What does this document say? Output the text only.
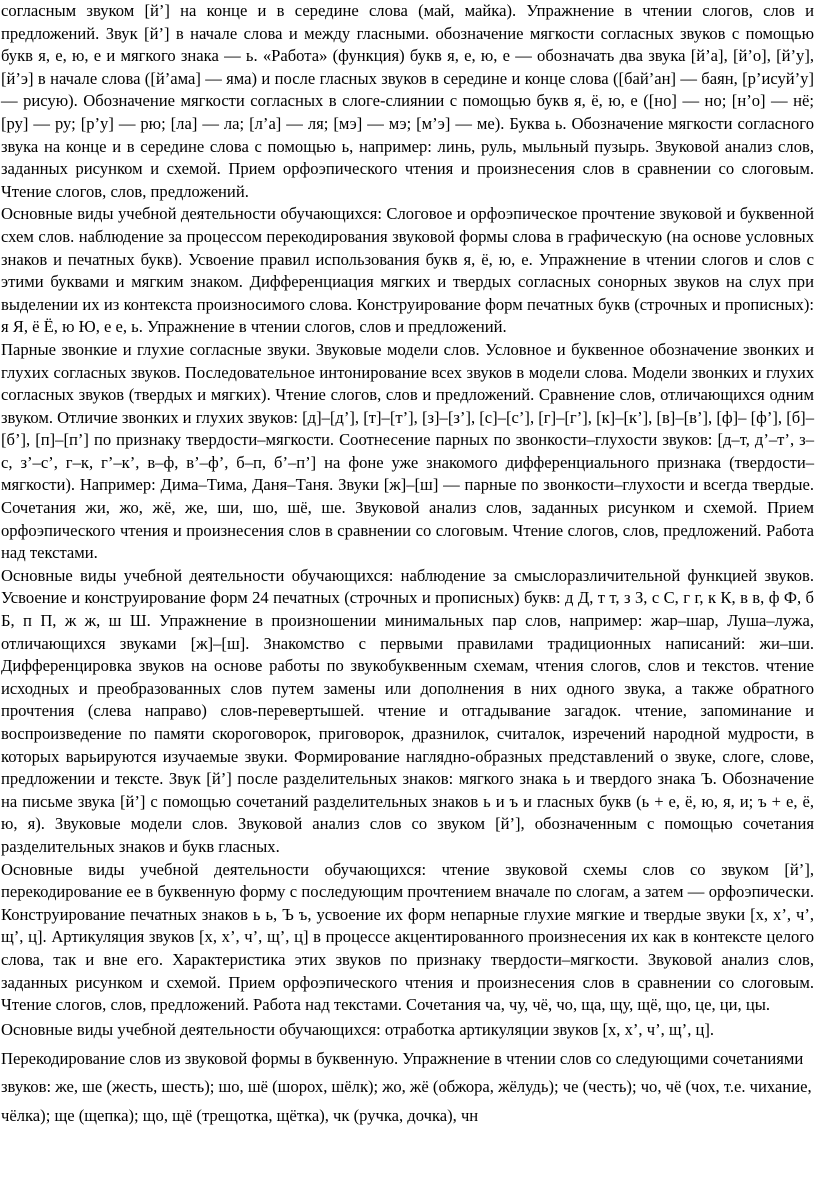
согласным звуком [й’] на конце и в середине слова (май, майка). Упражнение в чтении слогов, слов и предложений. Звук [й’] в начале слова и между гласными. обозначение мягкости согласных звуков с помощью букв я, е, ю, е и мягкого знака — ь. «Работа» (функция) букв я, е, ю, е — обозначать два звука [й’а], [й’о], [й’у], [й’э] в начале слова ([й’ама] — яма) и после гласных звуков в середине и конце слова ([бай’ан] — баян, [р’исуй’у] — рисую). Обозначение мягкости согласных в слоге-слиянии с помощью букв я, ё, ю, е ([но] — но; [н’о] — нё; [ру] — ру; [р’у] — рю; [ла] — ла; [л’а] — ля; [мэ] — мэ; [м’э] — ме). Буква ь. Обозначение мягкости согласного звука на конце и в середине слова с помощью ь, например: линь, руль, мыльный пузырь. Звуковой анализ слов, заданных рисунком и схемой. Прием орфоэпического чтения и произнесения слов в сравнении со слоговым. Чтение слогов, слов, предложений.

Основные виды учебной деятельности обучающихся: Слоговое и орфоэпическое прочтение звуковой и буквенной схем слов. наблюдение за процессом перекодирования звуковой формы слова в графическую (на основе условных знаков и печатных букв). Усвоение правил использования букв я, ё, ю, е. Упражнение в чтении слогов и слов с этими буквами и мягким знаком. Дифференциация мягких и твердых согласных сонорных звуков на слух при выделении их из контекста произносимого слова. Конструирование форм печатных букв (строчных и прописных): я Я, ё Ё, ю Ю, е е, ь. Упражнение в чтении слогов, слов и предложений.

Парные звонкие и глухие согласные звуки. Звуковые модели слов. Условное и буквенное обозначение звонких и глухих согласных звуков. Последовательное интонирование всех звуков в модели слова. Модели звонких и глухих согласных звуков (твердых и мягких). Чтение слогов, слов и предложений. Сравнение слов, отличающихся одним звуком. Отличие звонких и глухих звуков: [д]–[д’], [т]–[т’], [з]–[з’], [с]–[с’], [г]–[г’], [к]–[к’], [в]–[в’], [ф]– [ф’], [б]–[б’], [п]–[п’] по признаку твердости–мягкости. Соотнесение парных по звонкости–глухости звуков: [д–т, д’–т’, з–с, з’–с’, г–к, г’–к’, в–ф, в’–ф’, б–п, б’–п’] на фоне уже знакомого дифференциального признака (твердости–мягкости). Например: Дима–Тима, Даня–Таня. Звуки [ж]–[ш] — парные по звонкости–глухости и всегда твердые. Сочетания жи, жо, жё, же, ши, шо, шё, ше. Звуковой анализ слов, заданных рисунком и схемой. Прием орфоэпического чтения и произнесения слов в сравнении со слоговым. Чтение слогов, слов, предложений. Работа над текстами.

Основные виды учебной деятельности обучающихся: наблюдение за смыслоразличительной функцией звуков. Усвоение и конструирование форм 24 печатных (строчных и прописных) букв: д Д, т т, з З, с С, г г, к К, в в, ф Ф, б Б, п П, ж ж, ш Ш. Упражнение в произношении минимальных пар слов, например: жар–шар, Луша–лужа, отличающихся звуками [ж]–[ш]. Знакомство с первыми правилами традиционных написаний: жи–ши. Дифференцировка звуков на основе работы по звукобуквенным схемам, чтения слогов, слов и текстов. чтение исходных и преобразованных слов путем замены или дополнения в них одного звука, а также обратного прочтения (слева направо) слов-перевертышей. чтение и отгадывание загадок. чтение, запоминание и воспроизведение по памяти скороговорок, приговорок, дразнилок, считалок, изречений народной мудрости, в которых варьируются изучаемые звуки. Формирование наглядно-образных представлений о звуке, слоге, слове, предложении и тексте. Звук [й’] после разделительных знаков: мягкого знака ь и твердого знака Ъ. Обозначение на письме звука [й’] с помощью сочетаний разделительных знаков ь и ъ и гласных букв (ь + е, ё, ю, я, и; ъ + е, ё, ю, я). Звуковые модели слов. Звуковой анализ слов со звуком [й’], обозначенным с помощью сочетания разделительных знаков и букв гласных.

Основные виды учебной деятельности обучающихся: чтение звуковой схемы слов со звуком [й’], перекодирование ее в буквенную форму с последующим прочтением вначале по слогам, а затем — орфоэпически. Конструирование печатных знаков ь ь, Ъ ъ, усвоение их форм непарные глухие мягкие и твердые звуки [х, х’, ч’, щ’, ц]. Артикуляция звуков [х, х’, ч’, щ’, ц] в процессе акцентированного произнесения их как в контексте целого слова, так и вне его. Характеристика этих звуков по признаку твердости–мягкости. Звуковой анализ слов, заданных рисунком и схемой. Прием орфоэпического чтения и произнесения слов в сравнении со слоговым. Чтение слогов, слов, предложений. Работа над текстами. Сочетания ча, чу, чё, чо, ща, щу, щё, що, це, ци, цы.

Основные виды учебной деятельности обучающихся: отработка артикуляции звуков [х, х’, ч’, щ’, ц].

Перекодирование слов из звуковой формы в буквенную. Упражнение в чтении слов со следующими сочетаниями звуков: же, ше (жесть, шесть); шо, шё (шорох, шёлк); жо, жё (обжора, жёлудь); че (честь); чо, чё (чох, т.е. чихание, чёлка); ще (щепка); що, щё (трещотка, щётка), чк (ручка, дочка), чн
